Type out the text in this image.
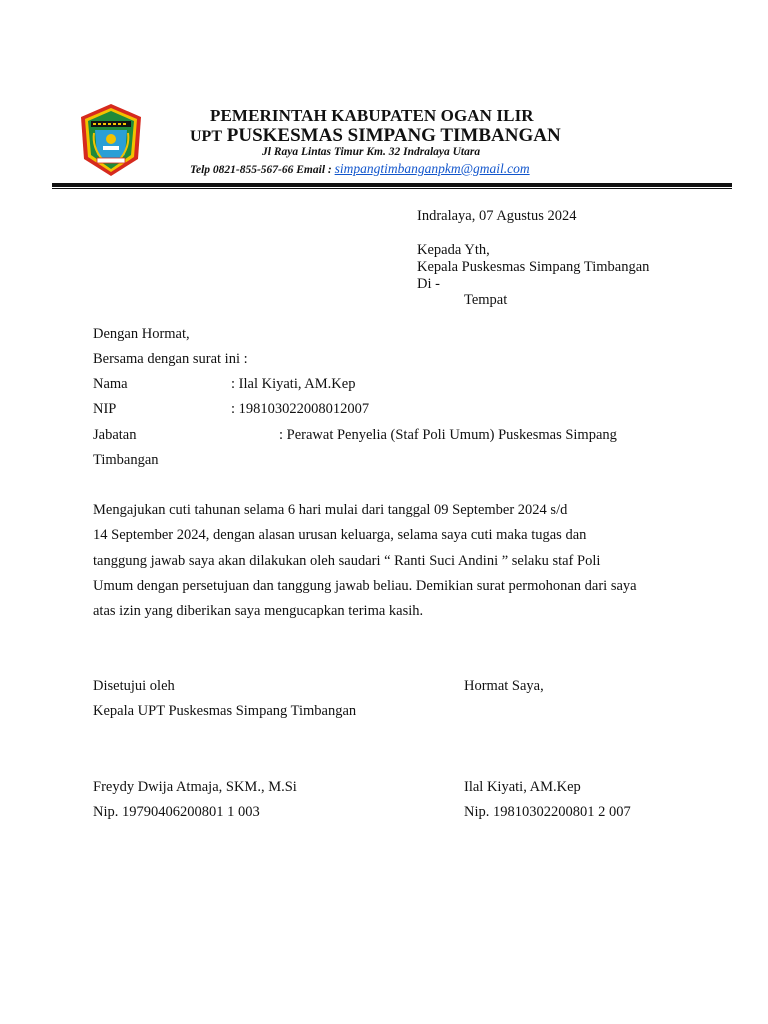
PEMERINTAH KABUPATEN OGAN ILIR
UPT PUSKESMAS SIMPANG TIMBANGAN
Jl Raya Lintas Timur Km. 32 Indralaya Utara
Telp 0821-855-567-66 Email : simpangtimbanganpkm@gmail.com
Indralaya, 07 Agustus 2024
Kepada Yth,
Kepala Puskesmas Simpang Timbangan
Di -
Tempat
Dengan Hormat,
Bersama dengan surat ini :
Nama	: Ilal Kiyati, AM.Kep
NIP	: 198103022008012007
Jabatan	: Perawat Penyelia (Staf Poli Umum) Puskesmas Simpang
Timbangan
Mengajukan cuti tahunan selama 6 hari mulai dari tanggal 09 September 2024 s/d
14 September 2024, dengan alasan urusan keluarga, selama saya cuti maka tugas dan
tanggung jawab saya akan dilakukan oleh saudari “ Ranti Suci Andini ” selaku staf Poli
Umum dengan persetujuan dan tanggung jawab beliau. Demikian surat permohonan dari saya
atas izin yang diberikan saya mengucapkan terima kasih.
Disetujui oleh
Kepala UPT Puskesmas Simpang Timbangan
Freydy Dwija Atmaja, SKM., M.Si
Nip. 19790406200801 1 003
Hormat Saya,
Ilal Kiyati, AM.Kep
Nip. 19810302200801 2 007
